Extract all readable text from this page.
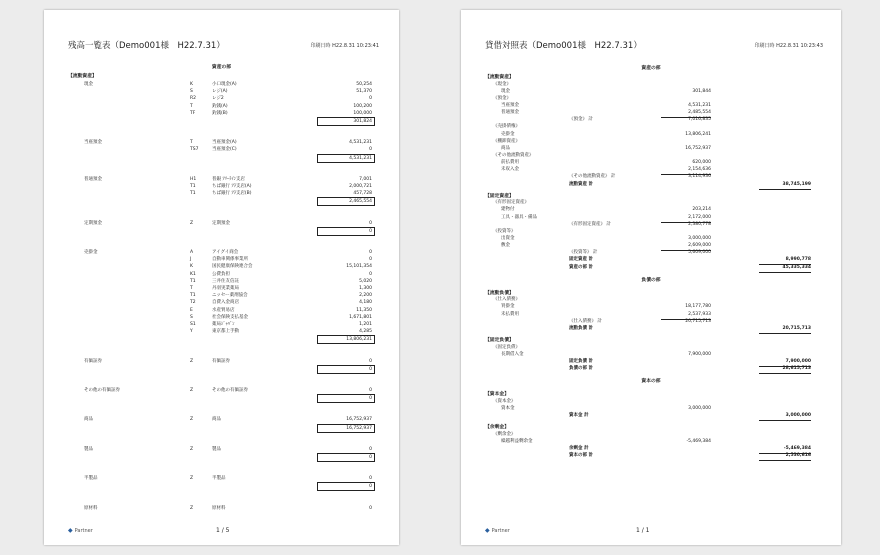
残高一覧表（Demo001様　H22.7.31）	印刷日時 H22.8.31 10:23:41
資産の部
【流動資産】
現金	K	小口現金(A)	50,254
S	レジ(A)	51,370
R2	レジ2	0
T	釣銭(A)	100,200
TF	釣銭(B)	100,000
301,824
当座預金	T	当座預金(A)	4,531,231
TS7	当座預金(C)	0
4,531,231
普通預金	H1	普銀 ﾌﾘｰﾗｲﾝ支店	7,001
T1	ちば銀行 ﾌﾗ支店(A)	2,000,721
T1	ちば銀行 ﾌﾗ支店(B)	457,728
2,465,554
定期預金	Z	定期預金	0
0
売掛金	A	アイグイ商会	0
J	自動車関係事業所	0
K	国民健康保険連合会	15,101,354
K1	公費負担	0
T1	三井住友信託	5,020
T	丹羽実業薬局	1,300
T1	ニッセー薬剤協会	2,200
T2	自費入金商店	4,180
E	水産貿易店	11,350
S	社会保険支払基金	1,671,801
S1	薬局ｼﾞｬﾊﾟﾝ	1,201
Y	東京都上手動	4,285
13,806,231
有価証券	Z	有価証券	0
0
その他の有価証券	Z	その他の有価証券	0
0
商品	Z	商品	16,752,937
16,752,937
製品	Z	製品	0
0
半製品	Z	半製品	0
0
原材料	Z	原材料	0
◆ Partner	1 / 5
貸借対照表（Demo001様　H22.7.31）	印刷日時 H22.8.31 10:23:43
資産の部
【流動資産】
《現金》
現金	301,844
《預金》
当座預金	4,531,231
普通預金	2,485,554
《預金》 計	7,016,835
《売掛債権》
売掛金	13,806,241
《棚卸資産》
商品	16,752,937
《その他流動資産》
前払費用	620,000
未収入金	2,154,636
《その他流動資産》 計	3,114,936
流動資産 計	38,745,199
【固定資産】
《有形固定資産》
建物付	203,214
工具・器具・備品	2,172,000
《有形固定資産》 計	2,380,778
《投資等》
出資金	3,000,000
敷金	2,609,000
《投資等》 計	5,609,000
固定資産 計	8,990,778
資産の部 計	45,335,334
負債の部
【流動負債】
《仕入債務》
買掛金	18,177,780
未払費用	2,537,933
《仕入債務》 計	20,715,713
流動負債 計	20,715,713
【固定負債】
《固定負債》
長期借入金	7,900,000
固定負債 計	7,900,000
負債の部 計	28,615,713
資本の部
【資本金】
《資本金》
資本金	3,000,000
資本金 計	3,000,000
【余剰金】
《剰余金》
繰越利益剰余金	-5,469,384
余剰金 計	-5,469,384
資本の部 計	2,530,616
◆ Partner	1 / 1
